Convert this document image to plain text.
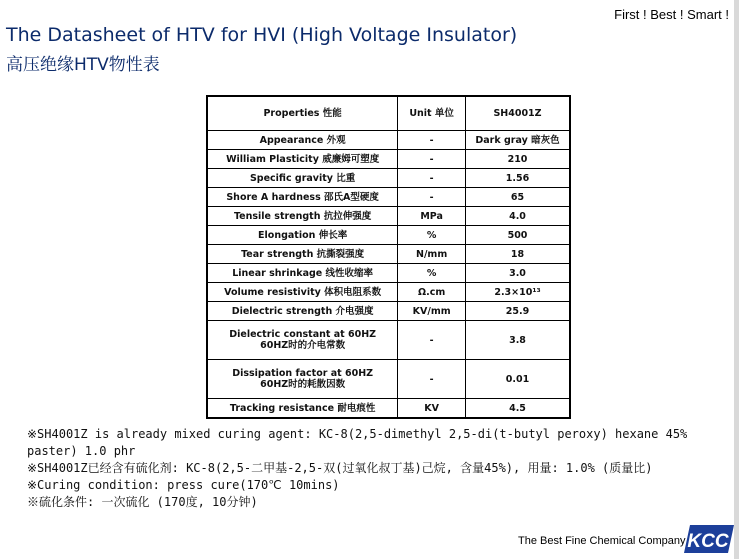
First ! Best ! Smart !
The Datasheet of HTV for HVI (High Voltage Insulator)
高压绝缘HTV物性表
Properties 性能	Unit 单位	SH4001Z
Appearance 外观	-	Dark gray 暗灰色
William Plasticity 威廉姆可塑度	-	210
Specific gravity 比重	-	1.56
Shore A hardness 邵氏A型硬度	-	65
Tensile strength 抗拉伸强度	MPa	4.0
Elongation 伸长率	%	500
Tear strength 抗撕裂强度	N/mm	18
Linear shrinkage 线性收缩率	%	3.0
Volume resistivity 体积电阻系数	Ω.cm	2.3×10¹³
Dielectric strength 介电强度	KV/mm	25.9
Dielectric constant at 60HZ
60HZ时的介电常数	-	3.8
Dissipation factor at 60HZ
60HZ时的耗散因数	-	0.01
Tracking resistance 耐电痕性	KV	4.5

※SH4001Z is already mixed curing agent: KC-8(2,5-dimethyl 2,5-di(t-butyl peroxy) hexane 45% paster) 1.0 phr

※SH4001Z已经含有硫化剂: KC-8(2,5-二甲基-2,5-双(过氧化叔丁基)己烷, 含量45%), 用量: 1.0% (质量比)

※Curing condition: press cure(170℃ 10mins)

※硫化条件: 一次硫化 (170度, 10分钟)

The Best Fine Chemical Company KCC
